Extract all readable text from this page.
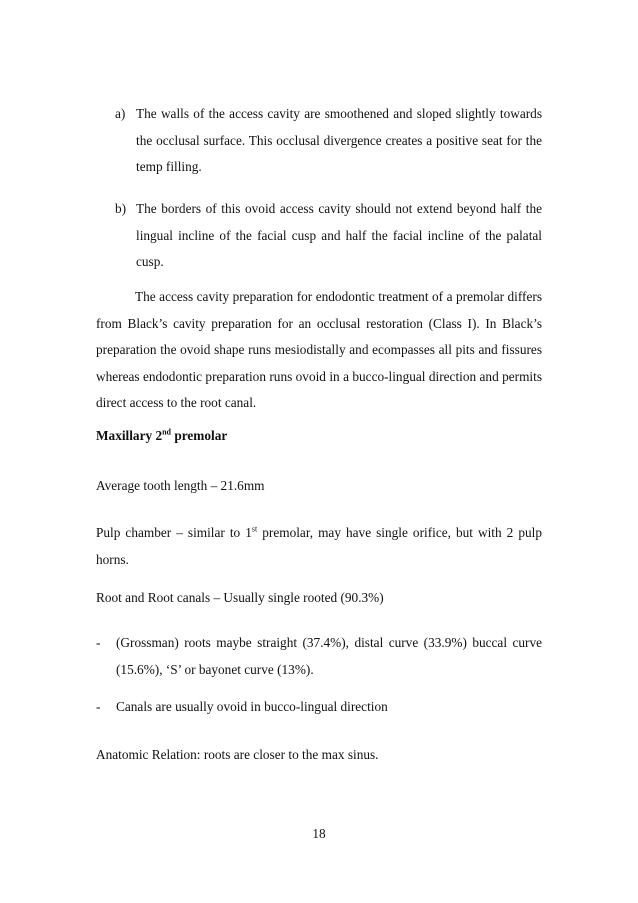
a) The walls of the access cavity are smoothened and sloped slightly towards the occlusal surface. This occlusal divergence creates a positive seat for the temp filling.
b) The borders of this ovoid access cavity should not extend beyond half the lingual incline of the facial cusp and half the facial incline of the palatal cusp.

The access cavity preparation for endodontic treatment of a premolar differs from Black’s cavity preparation for an occlusal restoration (Class I). In Black’s preparation the ovoid shape runs mesiodistally and ecompasses all pits and fissures whereas endodontic preparation runs ovoid in a bucco-lingual direction and permits direct access to the root canal.

Maxillary 2nd premolar
Average tooth length – 21.6mm

Pulp chamber – similar to 1st premolar, may have single orifice, but with 2 pulp horns.

Root and Root canals – Usually single rooted (90.3%)
- (Grossman) roots maybe straight (37.4%), distal curve (33.9%) buccal curve (15.6%), ‘S’ or bayonet curve (13%).
- Canals are usually ovoid in bucco-lingual direction
Anatomic Relation: roots are closer to the max sinus.
18
